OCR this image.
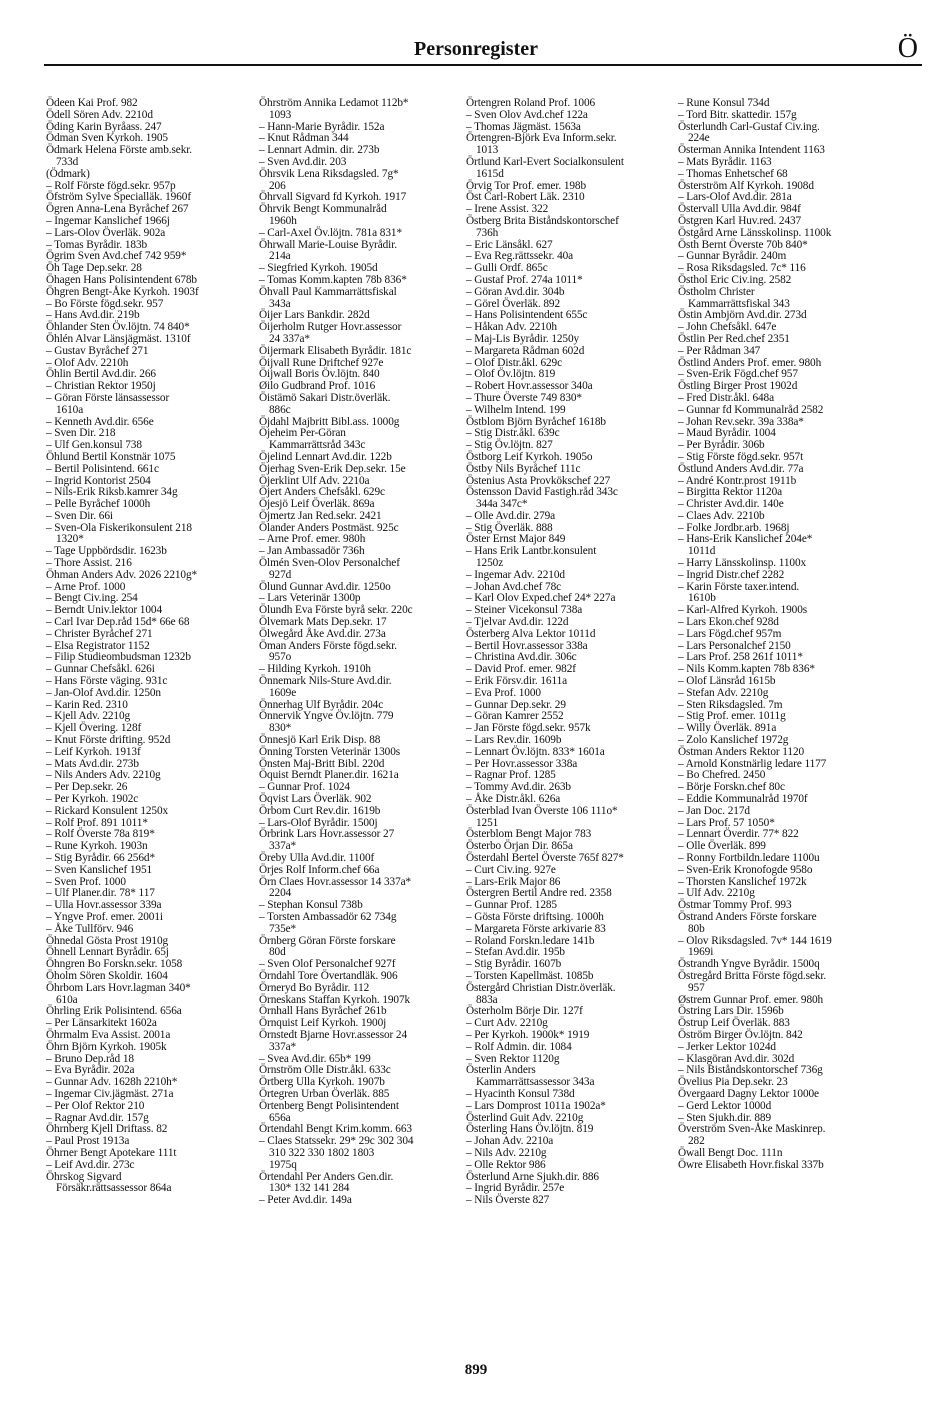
Personregister	Ö
Ödeen Kai Prof. 982
Ödell Sören Adv. 2210d
Öding Karin Byråass. 247
Ödman Sven Kyrkoh. 1905
Ödmark Helena Förste amb.sekr.
733d
(Ödmark)
– Rolf Förste fögd.sekr. 957p
Öfström Sylve Specialläk. 1960f
Ögren Anna-Lena Byråchef 267
– Ingemar Kanslichef 1966j
– Lars-Olov Överläk. 902a
– Tomas Byrådir. 183b
Ögrim Sven Avd.chef 742 959*
Öh Tage Dep.sekr. 28
Öhagen Hans Polisintendent 678b
Öhgren Bengt-Åke Kyrkoh. 1903f
– Bo Förste fögd.sekr. 957
– Hans Avd.dir. 219b
Öhlander Sten Öv.löjtn. 74 840*
Öhlén Alvar Länsjägmäst. 1310f
– Gustav Byråchef 271
– Olof Adv. 2210h
Öhlin Bertil Avd.dir. 266
– Christian Rektor 1950j
– Göran Förste länsassessor
1610a
– Kenneth Avd.dir. 656e
– Sven Dir. 218
– Ulf Gen.konsul 738
Öhlund Bertil Konstnär 1075
– Bertil Polisintend. 661c
– Ingrid Kontorist 2504
– Nils-Erik Riksb.kamrer 34g
– Pelle Byråchef 1000h
– Sven Dir. 66i
– Sven-Ola Fiskerikonsulent 218
1320*
– Tage Uppbördsdir. 1623b
– Thore Assist. 216
Öhman Anders Adv. 2026 2210g*
– Arne Prof. 1000
– Bengt Civ.ing. 254
– Berndt Univ.lektor 1004
– Carl Ivar Dep.råd 15d* 66e 68
– Christer Byråchef 271
– Elsa Registrator 1152
– Filip Studieombudsman 1232b
– Gunnar Chefsåkl. 626i
– Hans Förste väging. 931c
– Jan-Olof Avd.dir. 1250n
– Karin Red. 2310
– Kjell Adv. 2210g
– Kjell Övering. 128f
– Knut Förste drifting. 952d
– Leif Kyrkoh. 1913f
– Mats Avd.dir. 273b
– Nils Anders Adv. 2210g
– Per Dep.sekr. 26
– Per Kyrkoh. 1902c
– Rickard Konsulent 1250x
– Rolf Prof. 891 1011*
– Rolf Överste 78a 819*
– Rune Kyrkoh. 1903n
– Stig Byrådir. 66 256d*
– Sven Kanslichef 1951
– Sven Prof. 1000
– Ulf Planer.dir. 78* 117
– Ulla Hovr.assessor 339a
– Yngve Prof. emer. 2001i
– Åke Tullförv. 946
Öhnedal Gösta Prost 1910g
Öhnell Lennart Byrådir. 65j
Öhngren Bo Forskn.sekr. 1058
Öholm Sören Skoldir. 1604
Öhrbom Lars Hovr.lagman 340*
610a
Öhrling Erik Polisintend. 656a
– Per Länsarkitekt 1602a
Öhrmalm Eva Assist. 2001a
Öhrn Björn Kyrkoh. 1905k
– Bruno Dep.råd 18
– Eva Byrådir. 202a
– Gunnar Adv. 1628h 2210h*
– Ingemar Civ.jägmäst. 271a
– Per Olof Rektor 210
– Ragnar Avd.dir. 157g
Öhrnberg Kjell Driftass. 82
– Paul Prost 1913a
Öhrner Bengt Apotekare 111t
– Leif Avd.dir. 273c
Öhrskog Sigvard
Försäkr.rättsassessor 864a
Öhrström Annika Ledamot 112b*
1093
– Hann-Marie Byrådir. 152a
– Knut Rådman 344
– Lennart Admin. dir. 273b
– Sven Avd.dir. 203
Öhrsvik Lena Riksdagsled. 7g*
206
Öhrvall Sigvard fd Kyrkoh. 1917
Öhrvik Bengt Kommunalråd
1960h
– Carl-Axel Öv.löjtn. 781a 831*
Öhrwall Marie-Louise Byrådir.
214a
– Siegfried Kyrkoh. 1905d
– Tomas Komm.kapten 78b 836*
Öhvall Paul Kammarrättsfiskal
343a
Öijer Lars Bankdir. 282d
Öijerholm Rutger Hovr.assessor
24 337a*
Öijermark Elisabeth Byrådir. 181c
Öijvall Rune Driftchef 927e
Öijwall Boris Öv.löjtn. 840
Øilo Gudbrand Prof. 1016
Öistämö Sakari Distr.överläk.
886c
Öjdahl Majbritt Bibl.ass. 1000g
Öjeheim Per-Göran
Kammarrättsråd 343c
Öjelind Lennart Avd.dir. 122b
Öjerhag Sven-Erik Dep.sekr. 15e
Öjerklint Ulf Adv. 2210a
Öjert Anders Chefsåkl. 629c
Öjesjö Leif Överläk. 869a
Öjmertz Jan Red.sekr. 2421
Ölander Anders Postmäst. 925c
– Arne Prof. emer. 980h
– Jan Ambassadör 736h
Ölmén Sven-Olov Personalchef
927d
Ölund Gunnar Avd.dir. 1250o
– Lars Veterinär 1300p
Ölundh Eva Förste byrå sekr. 220c
Ölvemark Mats Dep.sekr. 17
Ölwegård Åke Avd.dir. 273a
Öman Anders Förste fögd.sekr.
957o
– Hilding Kyrkoh. 1910h
Önnemark Nils-Sture Avd.dir.
1609e
Önnerhag Ulf Byrådir. 204c
Önnervik Yngve Öv.löjtn. 779
830*
Önnesjö Karl Erik Disp. 88
Önning Torsten Veterinär 1300s
Önsten Maj-Britt Bibl. 220d
Öquist Berndt Planer.dir. 1621a
– Gunnar Prof. 1024
Öqvist Lars Överläk. 902
Örbom Curt Rev.dir. 1619b
– Lars-Olof Byrådir. 1500j
Örbrink Lars Hovr.assessor 27
337a*
Öreby Ulla Avd.dir. 1100f
Örjes Rolf Inform.chef 66a
Örn Claes Hovr.assessor 14 337a*
2204
– Stephan Konsul 738b
– Torsten Ambassadör 62 734g
735e*
Örnberg Göran Förste forskare
80d
– Sven Olof Personalchef 927f
Örndahl Tore Övertandläk. 906
Örneryd Bo Byrådir. 112
Örneskans Staffan Kyrkoh. 1907k
Örnhall Hans Byråchef 261b
Örnquist Leif Kyrkoh. 1900j
Örnstedt Bjarne Hovr.assessor 24
337a*
– Svea Avd.dir. 65b* 199
Örnström Olle Distr.åkl. 633c
Örtberg Ulla Kyrkoh. 1907b
Örtegren Urban Överläk. 885
Örtenberg Bengt Polisintendent
656a
Örtendahl Bengt Krim.komm. 663
– Claes Statssekr. 29* 29c 302 304
310 322 330 1802 1803
1975q
Örtendahl Per Anders Gen.dir.
130* 132 141 284
– Peter Avd.dir. 149a
Örtengren Roland Prof. 1006
– Sven Olov Avd.chef 122a
– Thomas Jägmäst. 1563a
Örtengren-Björk Eva Inform.sekr.
1013
Örtlund Karl-Evert Socialkonsulent
1615d
Örvig Tor Prof. emer. 198b
Öst Carl-Robert Läk. 2310
– Irene Assist. 322
Östberg Brita Biståndskontorschef
736h
– Eric Länsåkl. 627
– Eva Reg.rättssekr. 40a
– Gulli Ordf. 865c
– Gustaf Prof. 274a 1011*
– Göran Avd.dir. 304b
– Görel Överläk. 892
– Hans Polisintendent 655c
– Håkan Adv. 2210h
– Maj-Lis Byrådir. 1250y
– Margareta Rådman 602d
– Olof Distr.åkl. 629c
– Olof Öv.löjtn. 819
– Robert Hovr.assessor 340a
– Thure Överste 749 830*
– Wilhelm Intend. 199
Östblom Björn Byråchef 1618b
– Stig Distr.åkl. 639c
– Stig Öv.löjtn. 827
Östborg Leif Kyrkoh. 1905o
Östby Nils Byråchef 111c
Östenius Asta Provkökschef 227
Östensson David Fastigh.råd 343c
344a 347c*
– Olle Avd.dir. 279a
– Stig Överläk. 888
Öster Ernst Major 849
– Hans Erik Lantbr.konsulent
1250z
– Ingemar Adv. 2210d
– Johan Avd.chef 78c
– Karl Olov Exped.chef 24* 227a
– Steiner Vicekonsul 738a
– Tjelvar Avd.dir. 122d
Österberg Alva Lektor 1011d
– Bertil Hovr.assessor 338a
– Christina Avd.dir. 306c
– David Prof. emer. 982f
– Erik Försv.dir. 1611a
– Eva Prof. 1000
– Gunnar Dep.sekr. 29
– Göran Kamrer 2552
– Jan Förste fögd.sekr. 957k
– Lars Rev.dir. 1609b
– Lennart Öv.löjtn. 833* 1601a
– Per Hovr.assessor 338a
– Ragnar Prof. 1285
– Tommy Avd.dir. 263b
– Åke Distr.åkl. 626a
Österblad Ivan Överste 106 111o*
1251
Österblom Bengt Major 783
Österbo Örjan Dir. 865a
Österdahl Bertel Överste 765f 827*
– Curt Civ.ing. 927e
– Lars-Erik Major 86
Östergren Bertil Andre red. 2358
– Gunnar Prof. 1285
– Gösta Förste driftsing. 1000h
– Margareta Förste arkivarie 83
– Roland Forskn.ledare 141b
– Stefan Avd.dir. 195b
– Stig Byrådir. 1607b
– Torsten Kapellmäst. 1085b
Östergård Christian Distr.överläk.
883a
Österholm Börje Dir. 127f
– Curt Adv. 2210g
– Per Kyrkoh. 1900k* 1919
– Rolf Admin. dir. 1084
– Sven Rektor 1120g
Österlin Anders
Kammarrättsassessor 343a
– Hyacinth Konsul 738d
– Lars Domprost 1011a 1902a*
Österlind Guit Adv. 2210g
Österling Hans Öv.löjtn. 819
– Johan Adv. 2210a
– Nils Adv. 2210g
– Olle Rektor 986
Österlund Arne Sjukh.dir. 886
– Ingrid Byrådir. 257e
– Nils Överste 827
– Rune Konsul 734d
– Tord Bitr. skattedir. 157g
Österlundh Carl-Gustaf Civ.ing.
224e
Österman Annika Intendent 1163
– Mats Byrådir. 1163
– Thomas Enhetschef 68
Österström Alf Kyrkoh. 1908d
– Lars-Olof Avd.dir. 281a
Östervall Ulla Avd.dir. 984f
Östgren Karl Huv.red. 2437
Östgård Arne Länsskolinsp. 1100k
Östh Bernt Överste 70b 840*
– Gunnar Byrådir. 240m
– Rosa Riksdagsled. 7c* 116
Östhol Eric Civ.ing. 2582
Östholm Christer
Kammarrättsfiskal 343
Östin Ambjörn Avd.dir. 273d
– John Chefsåkl. 647e
Östlin Per Red.chef 2351
– Per Rådman 347
Östlind Anders Prof. emer. 980h
– Sven-Erik Fögd.chef 957
Östling Birger Prost 1902d
– Fred Distr.åkl. 648a
– Gunnar fd Kommunalråd 2582
– Johan Rev.sekr. 39a 338a*
– Maud Byrådir. 1004
– Per Byrådir. 306b
– Stig Förste fögd.sekr. 957t
Östlund Anders Avd.dir. 77a
– André Kontr.prost 1911b
– Birgitta Rektor 1120a
– Christer Avd.dir. 140e
– Claes Adv. 2210b
– Folke Jordbr.arb. 1968j
– Hans-Erik Kanslichef 204e*
1011d
– Harry Länsskolinsp. 1100x
– Ingrid Distr.chef 2282
– Karin Förste taxer.intend.
1610b
– Karl-Alfred Kyrkoh. 1900s
– Lars Ekon.chef 928d
– Lars Fögd.chef 957m
– Lars Personalchef 2150
– Lars Prof. 258 261f 1011*
– Nils Komm.kapten 78b 836*
– Olof Länsråd 1615b
– Stefan Adv. 2210g
– Sten Riksdagsled. 7m
– Stig Prof. emer. 1011g
– Willy Överläk. 891a
– Zolo Kanslichef 1972g
Östman Anders Rektor 1120
– Arnold Konstnärlig ledare 1177
– Bo Chefred. 2450
– Börje Forskn.chef 80c
– Eddie Kommunalråd 1970f
– Jan Doc. 217d
– Lars Prof. 57 1050*
– Lennart Överdir. 77* 822
– Olle Överläk. 899
– Ronny Fortbildn.ledare 1100u
– Sven-Erik Kronofogde 958o
– Thorsten Kanslichef 1972k
– Ulf Adv. 2210g
Östmar Tommy Prof. 993
Östrand Anders Förste forskare
80b
– Olov Riksdagsled. 7v* 144 1619
1969i
Östrandh Yngve Byrådir. 1500q
Östregård Britta Förste fögd.sekr.
957
Østrem Gunnar Prof. emer. 980h
Östring Lars Dir. 1596b
Östrup Leif Överläk. 883
Öström Birger Öv.löjtn. 842
– Jerker Lektor 1024d
– Klasgöran Avd.dir. 302d
– Nils Biståndskontorschef 736g
Övelius Pia Dep.sekr. 23
Övergaard Dagny Lektor 1000e
– Gerd Lektor 1000d
– Sten Sjukh.dir. 889
Överström Sven-Åke Maskinrep.
282
Öwall Bengt Doc. 111n
Öwre Elisabeth Hovr.fiskal 337b
899
